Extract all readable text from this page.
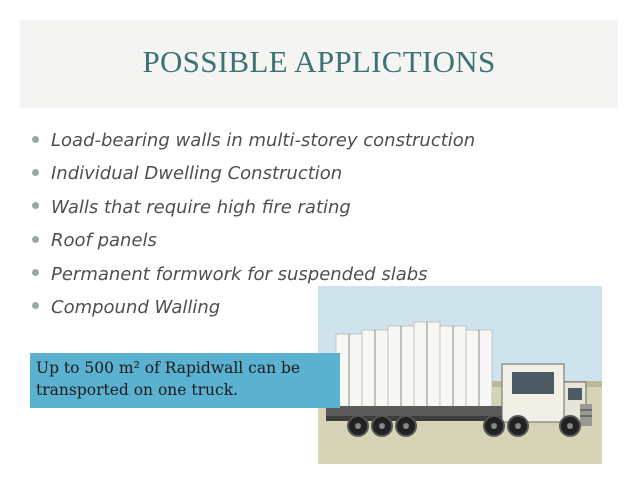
POSSIBLE APPLICTIONS
Load-bearing walls in multi-storey construction
Individual Dwelling Construction
Walls that require high fire rating
Roof panels
Permanent formwork for suspended slabs
Compound Walling
Up to 500 m² of Rapidwall can be
transported on one truck.
